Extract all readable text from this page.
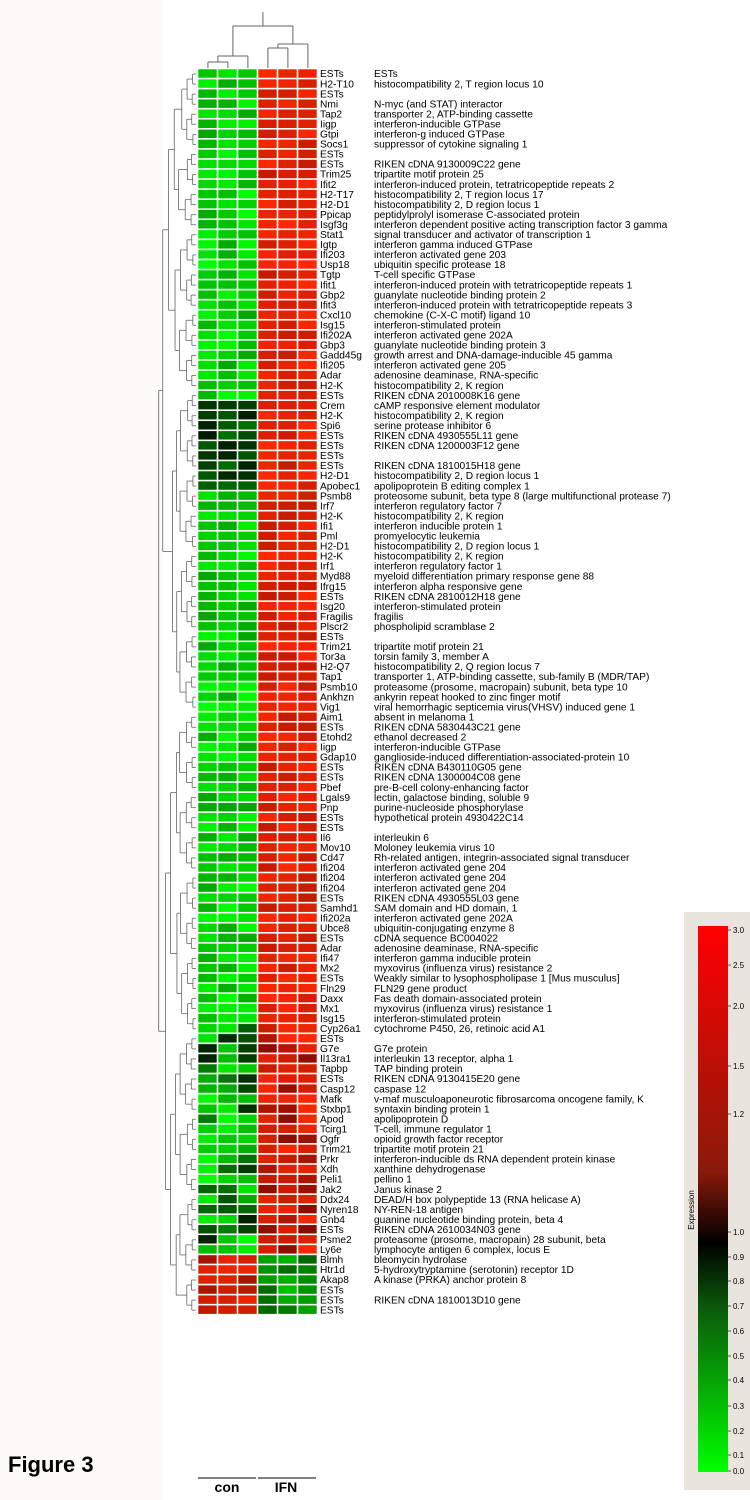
Figure 3
ESTs
H2-T10
ESTs
Nmi
Tap2
Iigp
Gtpi
Socs1
ESTs
ESTs
Trim25
Ifit2
H2-T17
H2-D1
Ppicap
Isgf3g
Stat1
Igtp
Ifi203
Usp18
Tgtp
Ifit1
Gbp2
Ifit3
Cxcl10
Isg15
Ifi202A
Gbp3
Gadd45g
Ifi205
Adar
H2-K
ESTs
Crem
H2-K
Spi6
ESTs
ESTs
ESTs
ESTs
H2-D1
Apobec1
Psmb8
Irf7
H2-K
Ifi1
Pml
H2-D1
H2-K
Irf1
Myd88
Ifrg15
ESTs
Isg20
Fragilis
Plscr2
ESTs
Trim21
Tor3a
H2-Q7
Tap1
Psmb10
Ankhzn
Vig1
Aim1
ESTs
Etohd2
Iigp
Gdap10
ESTs
ESTs
Pbef
Lgals9
Pnp
ESTs
ESTs
Il6
Mov10
Cd47
Ifi204
Ifi204
Ifi204
ESTs
Samhd1
Ifi202a
Ubce8
ESTs
Adar
Ifi47
Mx2
ESTs
Fln29
Daxx
Mx1
Isg15
Cyp26a1
ESTs
G7e
Il13ra1
Tapbp
ESTs
Casp12
Mafk
Stxbp1
Apod
Tcirg1
Ogfr
Trim21
Prkr
Xdh
Peli1
Jak2
Ddx24
Nyren18
Gnb4
ESTs
Psme2
Ly6e
Blmh
Htr1d
Akap8
ESTs
ESTs
ESTs
ESTs
histocompatibility 2, T region locus 10
N-myc (and STAT) interactor
transporter 2, ATP-binding cassette
interferon-inducible GTPase
interferon-g induced GTPase
suppressor of cytokine signaling 1
RIKEN cDNA 9130009C22 gene
tripartite motif protein 25
interferon-induced protein, tetratricopeptide repeats 2
histocompatibility 2, T region locus 17
histocompatibility 2, D region locus 1
peptidylprolyl isomerase C-associated protein
interferon dependent positive acting transcription factor 3 gamma
signal transducer and activator of transcription 1
interferon gamma induced GTPase
interferon activated gene 203
ubiquitin specific protease 18
T-cell specific GTPase
interferon-induced protein with tetratricopeptide repeats 1
guanylate nucleotide binding protein 2
interferon-induced protein with tetratricopeptide repeats 3
chemokine (C-X-C motif) ligand 10
interferon-stimulated protein
interferon activated gene 202A
guanylate nucleotide binding protein 3
growth arrest and DNA-damage-inducible 45 gamma
interferon activated gene 205
adenosine deaminase, RNA-specific
histocompatibility 2, K region
RIKEN cDNA 2010008K16 gene
cAMP responsive element modulator
histocompatibility 2, K region
serine protease inhibitor 6
RIKEN cDNA 4930555L11 gene
RIKEN cDNA 1200003F12 gene
RIKEN cDNA 1810015H18 gene
histocompatibility 2, D region locus 1
apolipoprotein B editing complex 1
proteosome subunit, beta type 8 (large multifunctional protease 7)
interferon regulatory factor 7
histocompatibility 2, K region
interferon inducible protein 1
promyelocytic leukemia
histocompatibility 2, D region locus 1
histocompatibility 2, K region
interferon regulatory factor 1
myeloid differentiation primary response gene 88
interferon alpha responsive gene
RIKEN cDNA 2810012H18 gene
interferon-stimulated protein
fragilis
phospholipid scramblase 2
tripartite motif protein 21
torsin family 3, member A
histocompatibility 2, Q region locus 7
transporter 1, ATP-binding cassette, sub-family B (MDR/TAP)
proteasome (prosome, macropain) subunit, beta type 10
ankyrin repeat hooked to zinc finger motif
viral hemorrhagic septicemia virus(VHSV) induced gene 1
absent in melanoma 1
RIKEN cDNA 5830443C21 gene
ethanol decreased 2
interferon-inducible GTPase
ganglioside-induced differentiation-associated-protein 10
RIKEN cDNA B430110G05 gene
RIKEN cDNA 1300004C08 gene
pre-B-cell colony-enhancing factor
lectin, galactose binding, soluble 9
purine-nucleoside phosphorylase
hypothetical protein 4930422C14
interleukin 6
Moloney leukemia virus 10
Rh-related antigen, integrin-associated signal transducer
interferon activated gene 204
interferon activated gene 204
interferon activated gene 204
RIKEN cDNA 4930555L03 gene
SAM domain and HD domain, 1
interferon activated gene 202A
ubiquitin-conjugating enzyme 8
cDNA sequence BC004022
adenosine deaminase, RNA-specific
interferon gamma inducible protein
myxovirus (influenza virus) resistance 2
Weakly similar to lysophospholipase 1 [Mus musculus]
FLN29 gene product
Fas death domain-associated protein
myxovirus (influenza virus) resistance 1
interferon-stimulated protein
cytochrome P450, 26, retinoic acid A1
G7e protein
interleukin 13 receptor, alpha 1
TAP binding protein
RIKEN cDNA 9130415E20 gene
caspase 12
v-maf musculoaponeurotic fibrosarcoma oncogene family, K
syntaxin binding protein 1
apolipoprotein D
T-cell, immune regulator 1
opioid growth factor receptor
tripartite motif protein 21
interferon-inducible ds RNA dependent protein kinase
xanthine dehydrogenase
pellino 1
Janus kinase 2
DEAD/H box polypeptide 13 (RNA helicase A)
NY-REN-18 antigen
guanine nucleotide binding protein, beta 4
RIKEN cDNA 2610034N03 gene
proteasome (prosome, macropain) 28 subunit, beta
lymphocyte antigen 6 complex, locus E
bleomycin hydrolase
5-hydroxytryptamine (serotonin) receptor 1D
A kinase (PRKA) anchor protein 8
RIKEN cDNA 1810013D10 gene
con	IFN
3.0
2.5
2.0
1.5
1.2
1.0
0.9
0.8
0.7
0.6
0.5
0.4
0.3
0.2
0.1
0.0
Expression
